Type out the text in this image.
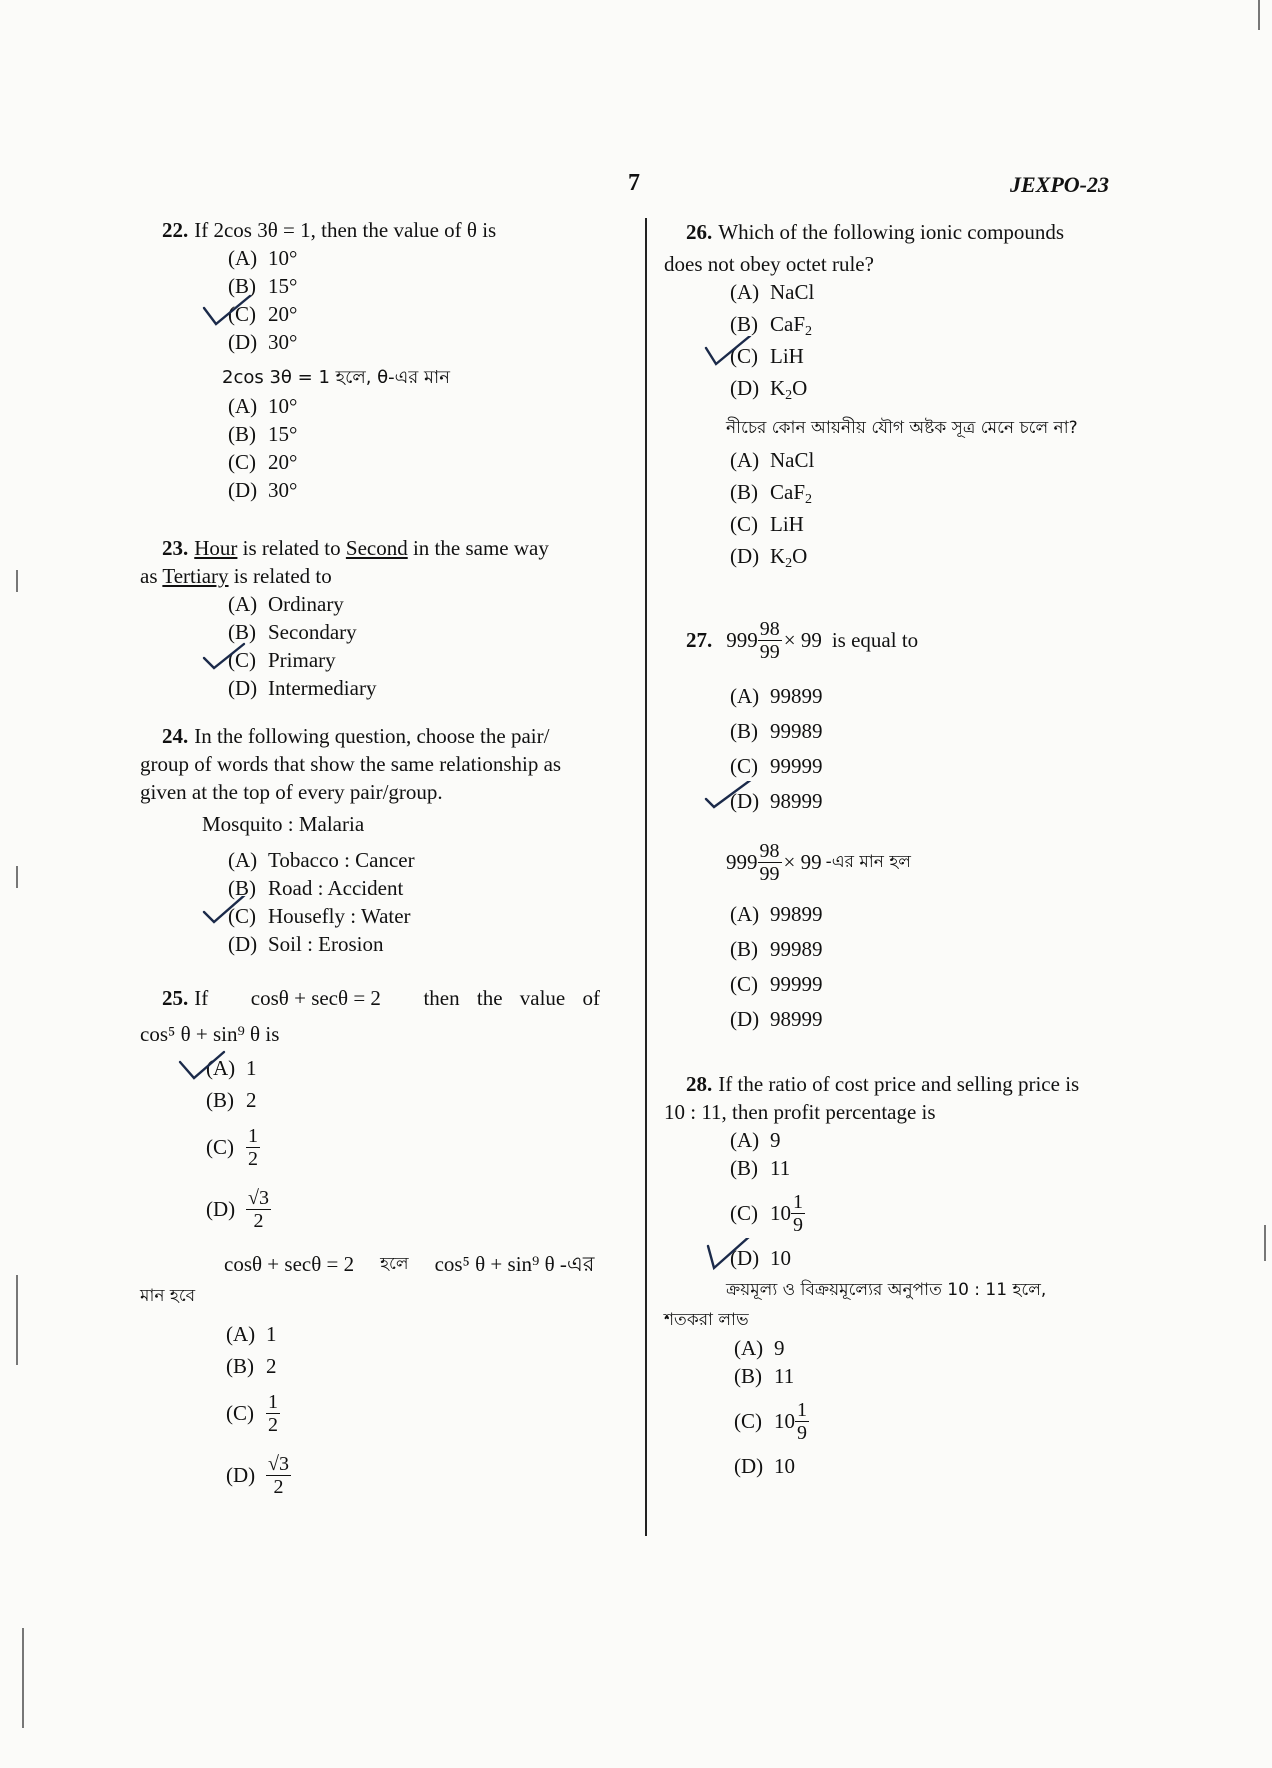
7	JEXPO-23
22. If 2cos 3θ = 1, then the value of θ is
(A) 10°
(B) 15°
(C) 20°
(D) 30°
2cos 3θ = 1 হলে, θ-এর মান
(A) 10°
(B) 15°
(C) 20°
(D) 30°
23. Hour is related to Second in the same way
as Tertiary is related to
(A) Ordinary
(B) Secondary
(C) Primary
(D) Intermediary
24. In the following question, choose the pair/
group of words that show the same relationship as
given at the top of every pair/group.
Mosquito : Malaria
(A) Tobacco : Cancer
(B) Road : Accident
(C) Housefly : Water
(D) Soil : Erosion
25. If cosθ + secθ = 2 then the value of
cos⁵ θ + sin⁹ θ is
(A) 1
(B) 2
$(C) \frac{1}{2}$
$(D) \frac{√3}{2}$
cosθ + secθ = 2 হলে cos⁵ θ + sin⁹ θ -এর
মান হবে
(A) 1
(B) 2
$(C) \frac{1}{2}$
$(D) \frac{√3}{2}$
26. Which of the following ionic compounds
does not obey octet rule?
(A) NaCl
(B) CaF$_2$
(C) LiH
(D) $K_2O$
নীচের কোন আয়নীয় যৌগ অষ্টক সূত্র মেনে চলে না?
(A) NaCl
(B) CaF$_2$
(C) LiH
(D) $K_2O$
27. $999 \frac{98}{99} \times 99$ is equal to
(A) 99899
(B) 99989
(C) 99999
(D) 98999
$999 \frac{98}{99} \times 99$ -এর মান হল
(A) 99899
(B) 99989
(C) 99999
(D) 98999
28. If the ratio of cost price and selling price is
10 : 11, then profit percentage is
(A) 9
(B) 11
(C) $10 \frac{1}{9}$
(D) 10
ক্রয়মূল্য ও বিক্রয়মূল্যের অনুপাত 10 : 11 হলে,
শতকরা লাভ
(A) 9
(B) 11
(C) $10 \frac{1}{9}$
(D) 10
